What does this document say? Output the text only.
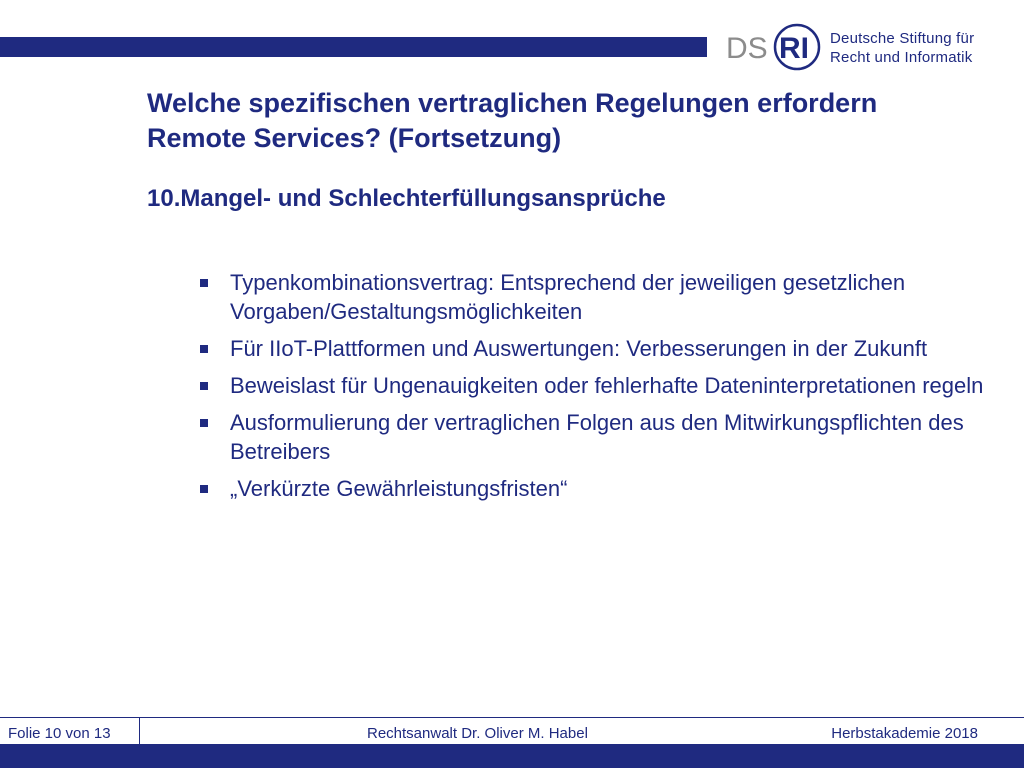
DS RI Deutsche Stiftung für
Recht und Informatik
Welche spezifischen vertraglichen Regelungen erfordern Remote Services? (Fortsetzung)
10.Mangel- und Schlechterfüllungsansprüche
Typenkombinationsvertrag: Entsprechend der jeweiligen gesetzlichen Vorgaben/Gestaltungsmöglichkeiten
Für IIoT-Plattformen und Auswertungen: Verbesserungen in der Zukunft
Beweislast für Ungenauigkeiten oder fehlerhafte Dateninterpretationen regeln
Ausformulierung der vertraglichen Folgen aus den Mitwirkungspflichten des Betreibers
„Verkürzte Gewährleistungsfristen“
Folie 10 von 13	Rechtsanwalt Dr. Oliver M. Habel	Herbstakademie 2018
